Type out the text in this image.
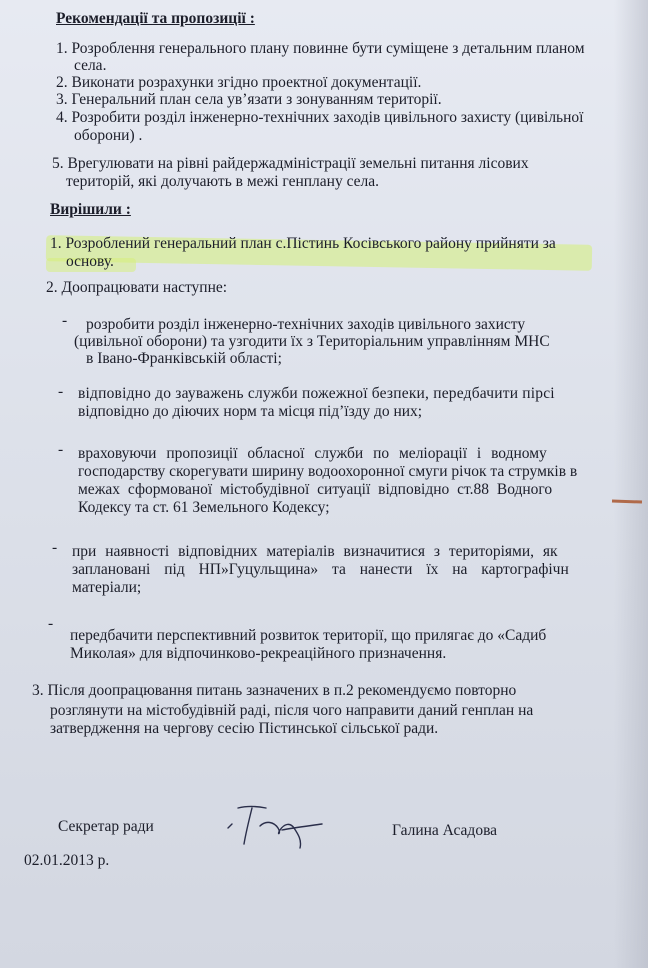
Рекомендації та пропозиції :
1. Розроблення генерального плану повинне бути суміщене з детальним планом
села.
2. Виконати розрахунки згідно проектної документації.
3. Генеральний план села ув’язати з зонуванням території.
4. Розробити розділ інженерно-технічних заходів цивільного захисту (цивільної
оборони) .
5. Врегулювати на рівні райдержадміністрації земельні питання лісових
територій, які долучають в межі генплану села.
Вирішили :
1. Розроблений генеральний план с.Пістинь Косівського району прийняти за
основу.
2. Доопрацювати наступне:
- розробити розділ інженерно-технічних заходів цивільного захисту
(цивільної оборони) та узгодити їх з Територіальним управлінням МНС
в Івано-Франківській області;
- відповідно до зауважень служби пожежної безпеки, передбачити пірсі
відповідно до діючих норм та місця під’їзду до них;
- враховуючи пропозиції обласної служби по меліорації і водному
господарству скорегувати ширину водоохоронної смуги річок та струмків в
межах сформованої містобудівної ситуації відповідно ст.88 Водного
Кодексу та ст. 61 Земельного Кодексу;
- при наявності відповідних матеріалів визначитися з територіями, як
заплановані під НП»Гуцульщина» та нанести їх на картографічн
матеріали;
-
передбачити перспективний розвиток території, що прилягає до «Садиб
Миколая» для відпочинково-рекреаційного призначення.
3. Після доопрацювання питань зазначених в п.2 рекомендуємо повторно
розглянути на містобудівній раді, після чого направити даний генплан на
затвердження на чергову сесію Пістинської сільської ради.
Секретар ради	Галина Асадова
02.01.2013 р.
